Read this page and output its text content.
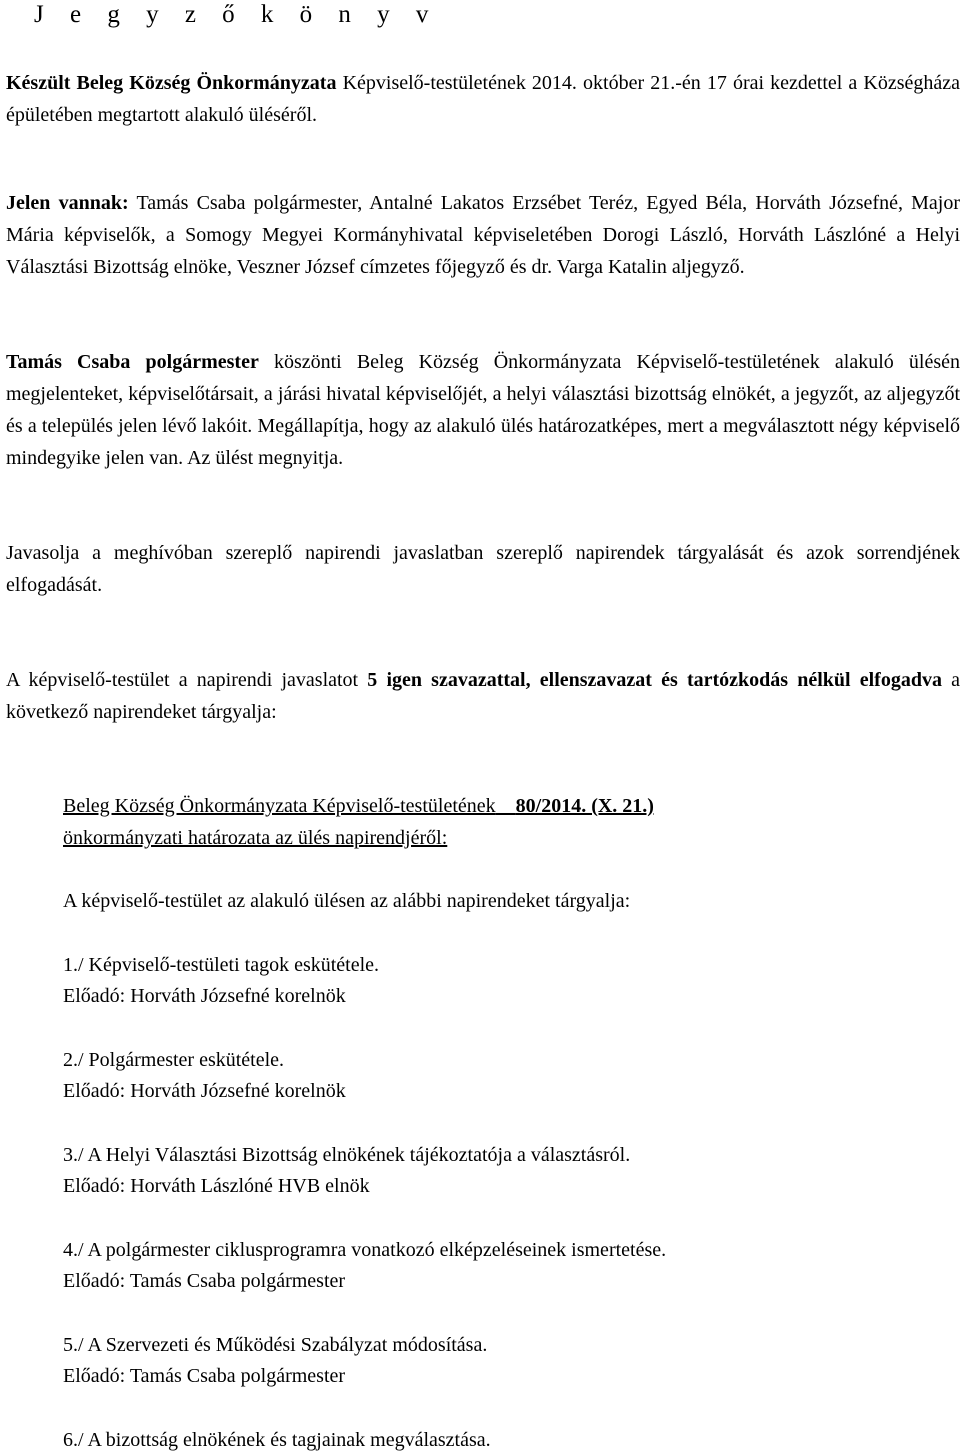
J e g y z ő k ö n y v

Készült Beleg Község Önkormányzata Képviselő-testületének 2014. október 21.-én 17 órai kezdettel a Községháza épületében megtartott alakuló üléséről.

Jelen vannak: Tamás Csaba polgármester, Antalné Lakatos Erzsébet Teréz, Egyed Béla, Horváth Józsefné, Major Mária képviselők, a Somogy Megyei Kormányhivatal képviseletében Dorogi László, Horváth Lászlóné a Helyi Választási Bizottság elnöke, Veszner József címzetes főjegyző és dr. Varga Katalin aljegyző.

Tamás Csaba polgármester köszönti Beleg Község Önkormányzata Képviselő-testületének alakuló ülésén megjelenteket, képviselőtársait, a járási hivatal képviselőjét, a helyi választási bizottság elnökét, a jegyzőt, az aljegyzőt és a település jelen lévő lakóit. Megállapítja, hogy az alakuló ülés határozatképes, mert a megválasztott négy képviselő mindegyike jelen van. Az ülést megnyitja.

Javasolja a meghívóban szereplő napirendi javaslatban szereplő napirendek tárgyalását és azok sorrendjének elfogadását.

A képviselő-testület a napirendi javaslatot 5 igen szavazattal, ellenszavazat és tartózkodás nélkül elfogadva a következő napirendeket tárgyalja:

Beleg Község Önkormányzata Képviselő-testületének 80/2014. (X. 21.)
önkormányzati határozata az ülés napirendjéről:

A képviselő-testület az alakuló ülésen az alábbi napirendeket tárgyalja:

1./ Képviselő-testületi tagok eskütétele.

Előadó: Horváth Józsefné korelnök

2./ Polgármester eskütétele.

Előadó: Horváth Józsefné korelnök

3./ A Helyi Választási Bizottság elnökének tájékoztatója a választásról.

Előadó: Horváth Lászlóné HVB elnök

4./ A polgármester ciklusprogramra vonatkozó elképzeléseinek ismertetése.

Előadó: Tamás Csaba polgármester

5./ A Szervezeti és Működési Szabályzat módosítása.

Előadó: Tamás Csaba polgármester

6./ A bizottság elnökének és tagjainak megválasztása.
